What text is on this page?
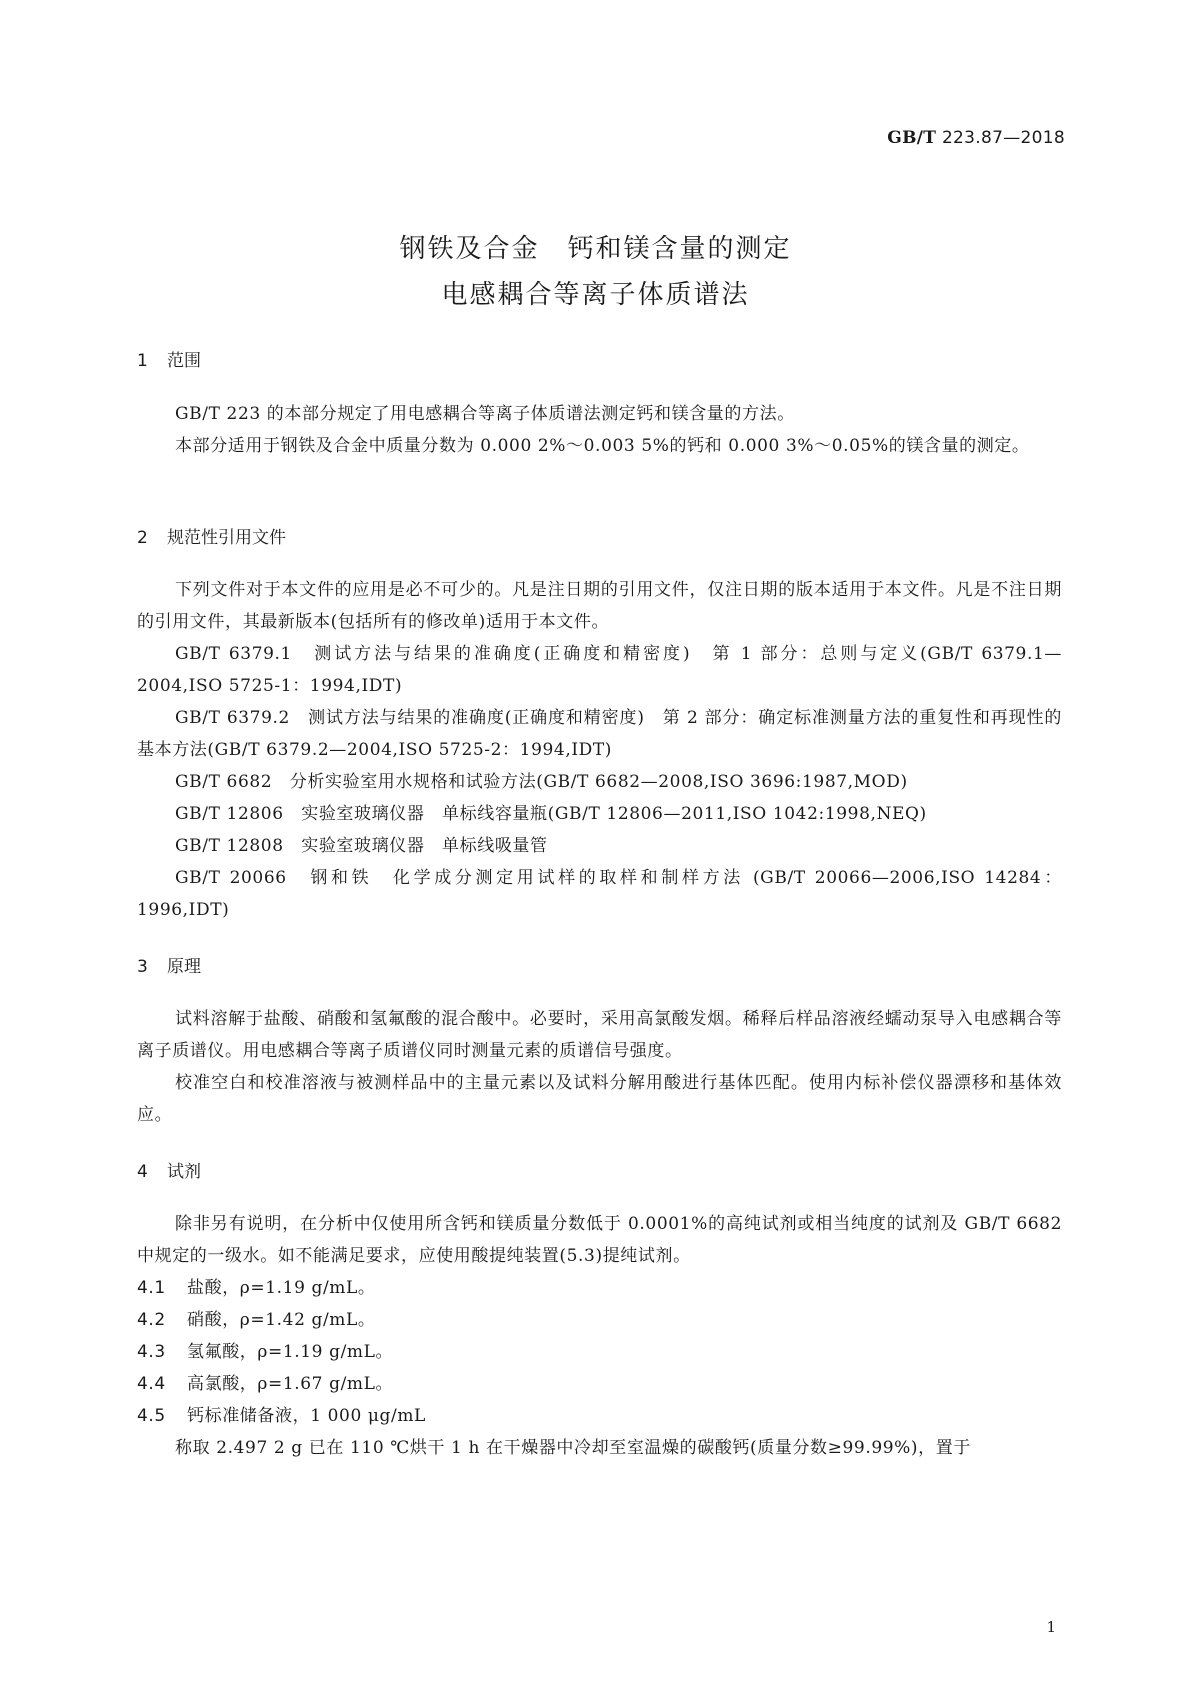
GB/T 223.87—2018
钢铁及合金　钙和镁含量的测定
电感耦合等离子体质谱法
1 范围

GB/T 223 的本部分规定了用电感耦合等离子体质谱法测定钙和镁含量的方法。

本部分适用于钢铁及合金中质量分数为 0.000 2%～0.003 5%的钙和 0.000 3%～0.05%的镁含量的测定。

2 规范性引用文件

下列文件对于本文件的应用是必不可少的。凡是注日期的引用文件，仅注日期的版本适用于本文件。凡是不注日期的引用文件，其最新版本(包括所有的修改单)适用于本文件。

GB/T 6379.1　测试方法与结果的准确度(正确度和精密度)　第 1 部分：总则与定义(GB/T 6379.1—2004,ISO 5725-1：1994,IDT)

GB/T 6379.2　测试方法与结果的准确度(正确度和精密度)　第 2 部分：确定标准测量方法的重复性和再现性的基本方法(GB/T 6379.2—2004,ISO 5725-2：1994,IDT)

GB/T 6682　分析实验室用水规格和试验方法(GB/T 6682—2008,ISO 3696:1987,MOD)

GB/T 12806　实验室玻璃仪器　单标线容量瓶(GB/T 12806—2011,ISO 1042:1998,NEQ)

GB/T 12808　实验室玻璃仪器　单标线吸量管

GB/T 20066　钢和铁　化学成分测定用试样的取样和制样方法 (GB/T 20066—2006,ISO 14284：1996,IDT)

3 原理

试料溶解于盐酸、硝酸和氢氟酸的混合酸中。必要时，采用高氯酸发烟。稀释后样品溶液经蠕动泵导入电感耦合等离子质谱仪。用电感耦合等离子质谱仪同时测量元素的质谱信号强度。

校准空白和校准溶液与被测样品中的主量元素以及试料分解用酸进行基体匹配。使用内标补偿仪器漂移和基体效应。

4 试剂

除非另有说明，在分析中仅使用所含钙和镁质量分数低于 0.0001%的高纯试剂或相当纯度的试剂及 GB/T 6682 中规定的一级水。如不能满足要求，应使用酸提纯装置(5.3)提纯试剂。

4.1 盐酸，ρ=1.19 g/mL。

4.2 硝酸，ρ=1.42 g/mL。

4.3 氢氟酸，ρ=1.19 g/mL。

4.4 高氯酸，ρ=1.67 g/mL。

4.5 钙标准储备液，1 000 μg/mL

称取 2.497 2 g 已在 110 ℃烘干 1 h 在干燥器中冷却至室温燥的碳酸钙(质量分数≥99.99%)，置于

1
